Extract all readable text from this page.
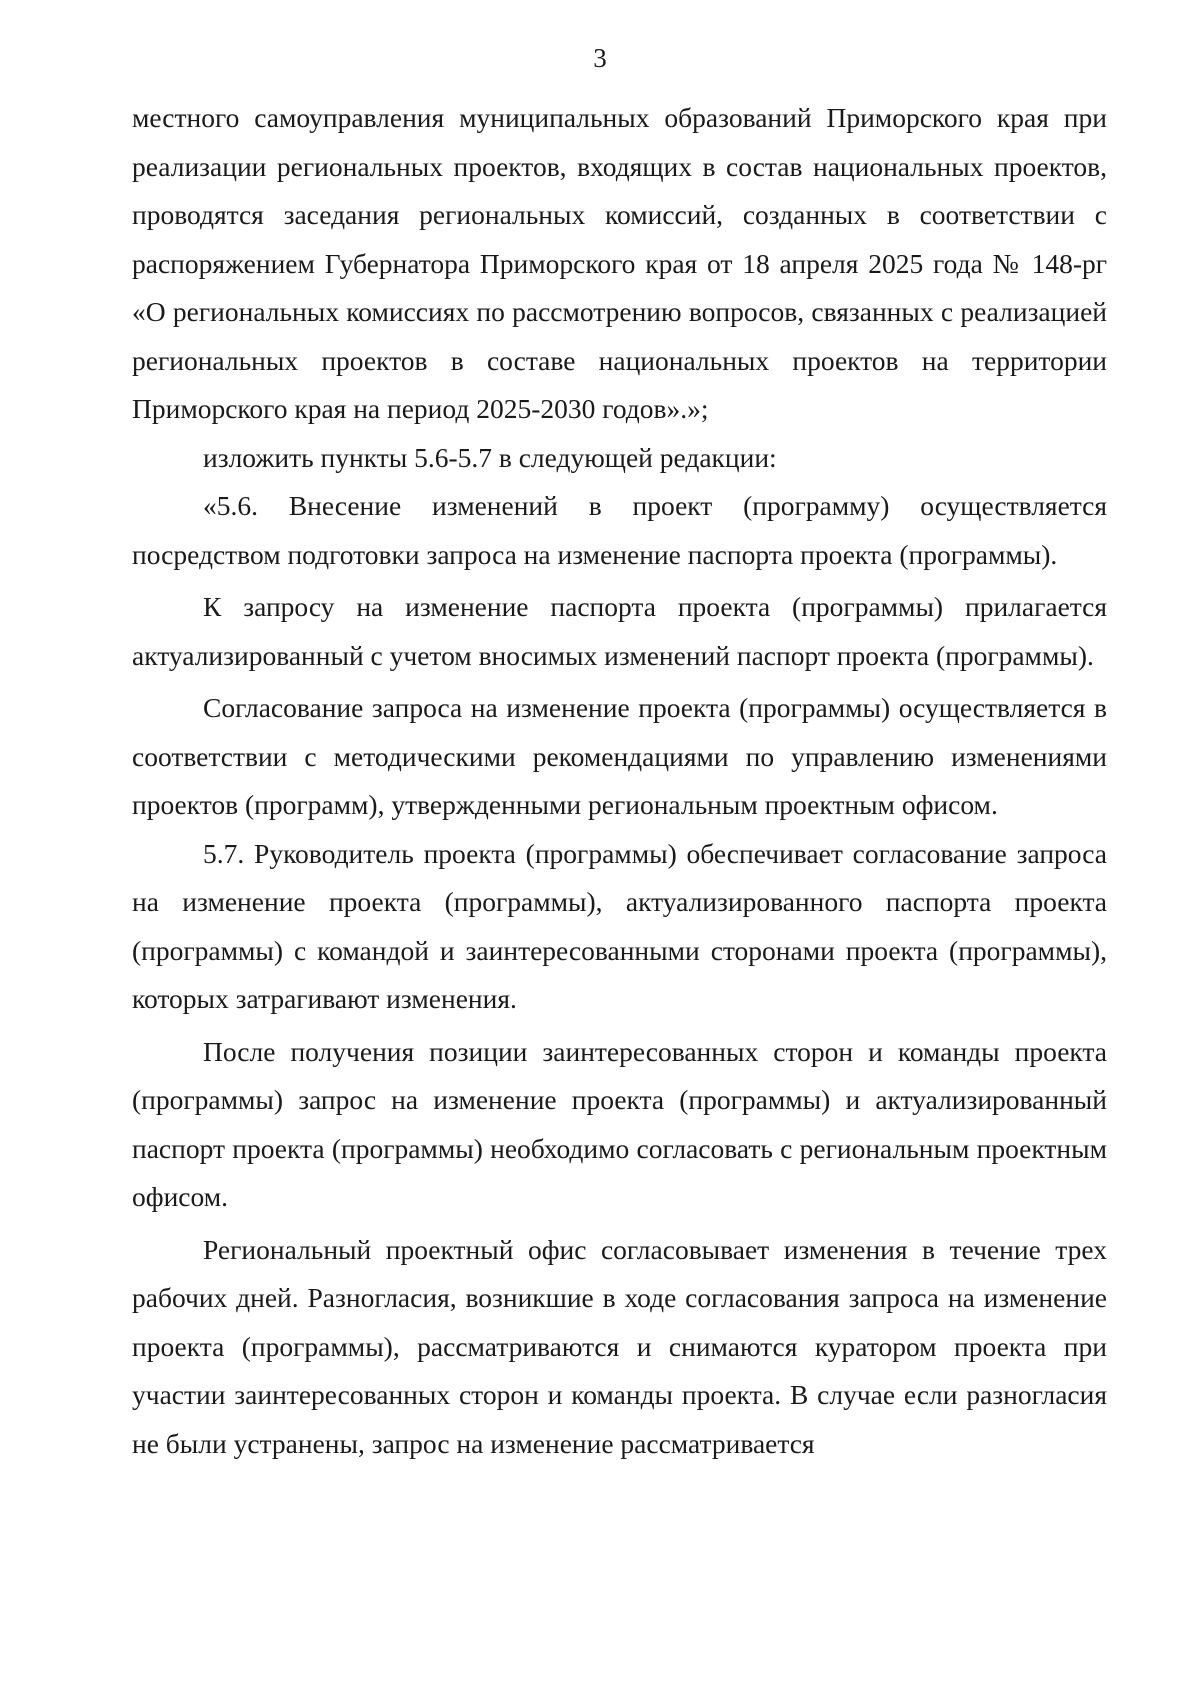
3

местного самоуправления муниципальных образований Приморского края при реализации региональных проектов, входящих в состав национальных проектов, проводятся заседания региональных комиссий, созданных в соответствии с распоряжением Губернатора Приморского края от 18 апреля 2025 года № 148-рг «О региональных комиссиях по рассмотрению вопросов, связанных с реализацией региональных проектов в составе национальных проектов на территории Приморского края на период 2025-2030 годов».»;

изложить пункты 5.6-5.7 в следующей редакции:

«5.6. Внесение изменений в проект (программу) осуществляется посредством подготовки запроса на изменение паспорта проекта (программы).

К запросу на изменение паспорта проекта (программы) прилагается актуализированный с учетом вносимых изменений паспорт проекта (программы).

Согласование запроса на изменение проекта (программы) осуществляется в соответствии с методическими рекомендациями по управлению изменениями проектов (программ), утвержденными региональным проектным офисом.

5.7. Руководитель проекта (программы) обеспечивает согласование запроса на изменение проекта (программы), актуализированного паспорта проекта (программы) с командой и заинтересованными сторонами проекта (программы), которых затрагивают изменения.

После получения позиции заинтересованных сторон и команды проекта (программы) запрос на изменение проекта (программы) и актуализированный паспорт проекта (программы) необходимо согласовать с региональным проектным офисом.

Региональный проектный офис согласовывает изменения в течение трех рабочих дней. Разногласия, возникшие в ходе согласования запроса на изменение проекта (программы), рассматриваются и снимаются куратором проекта при участии заинтересованных сторон и команды проекта. В случае если разногласия не были устранены, запрос на изменение рассматривается
